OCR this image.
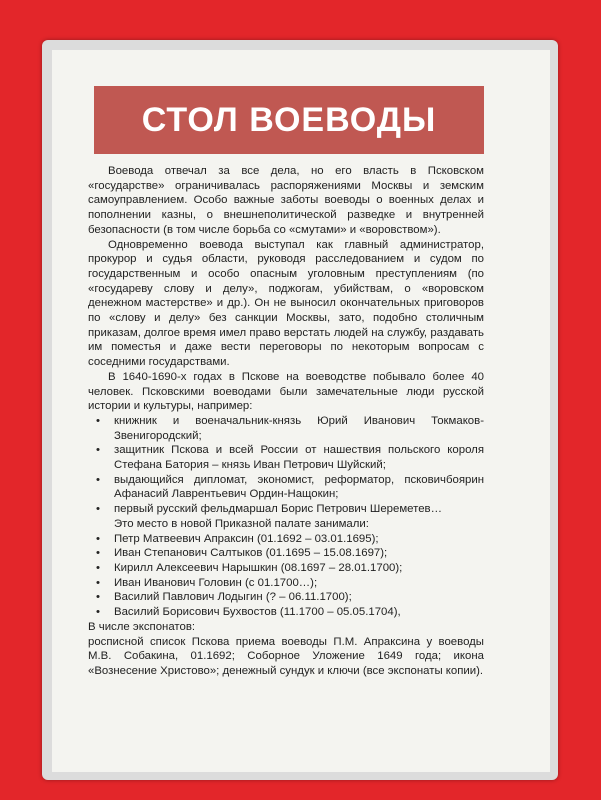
СТОЛ ВОЕВОДЫ

Воевода отвечал за все дела, но его власть в Псковском «государстве» ограничивалась распоряжениями Москвы и земским самоуправлением. Особо важные заботы воеводы о военных делах и пополнении казны, о внешнеполитической разведке и внутренней безопасности (в том числе борьба со «смутами» и «воровством»).

Одновременно воевода выступал как главный администратор, прокурор и судья области, руководя расследованием и судом по государственным и особо опасным уголовным преступлениям (по «государеву слову и делу», поджогам, убийствам, о «воровском денежном мастерстве» и др.). Он не выносил окончательных приговоров по «слову и делу» без санкции Москвы, зато, подобно столичным приказам, долгое время имел право верстать людей на службу, раздавать им поместья и даже вести переговоры по некоторым вопросам с соседними государствами.

В 1640-1690-х годах в Пскове на воеводстве побывало более 40 человек. Псковскими воеводами были замечательные люди русской истории и культуры, например:

• книжник и военачальник-князь Юрий Иванович Токмаков-Звенигородский;
• защитник Пскова и всей России от нашествия польского короля Стефана Батория – князь Иван Петрович Шуйский;
• выдающийся дипломат, экономист, реформатор, псковичбоярин Афанасий Лаврентьевич Ордин-Нащокин;
• первый русский фельдмаршал Борис Петрович Шереметев…

Это место в новой Приказной палате занимали:

• Петр Матвеевич Апраксин (01.1692 – 03.01.1695);
• Иван Степанович Салтыков (01.1695 – 15.08.1697);
• Кирилл Алексеевич Нарышкин (08.1697 – 28.01.1700);
• Иван Иванович Головин (с 01.1700…);
• Василий Павлович Лодыгин (? – 06.11.1700);
• Василий Борисович Бухвостов (11.1700 – 05.05.1704),

В числе экспонатов:

росписной список Пскова приема воеводы П.М. Апраксина у воеводы М.В. Собакина, 01.1692; Соборное Уложение 1649 года; икона «Вознесение Христово»; денежный сундук и ключи (все экспонаты копии).
